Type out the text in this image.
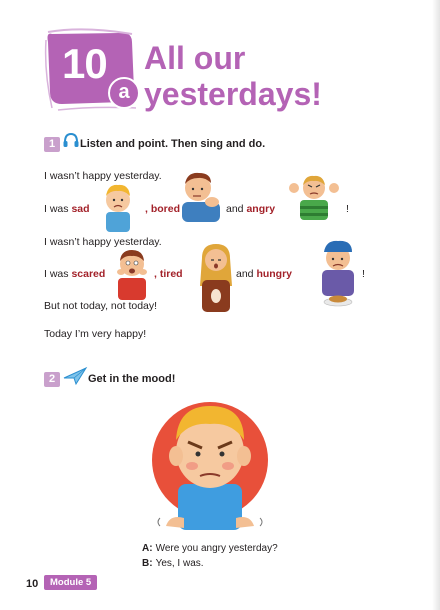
10
a
All our
yesterdays!
1	Listen and point. Then sing and do.
I wasn’t happy yesterday.
I was sad	, bored	and angry	!
I wasn’t happy yesterday.
I was scared	, tired	and hungry	!
But not today, not today!
Today I’m very happy!
2	Get in the mood!
A: Were you angry yesterday?
B: Yes, I was.
10	Module 5
